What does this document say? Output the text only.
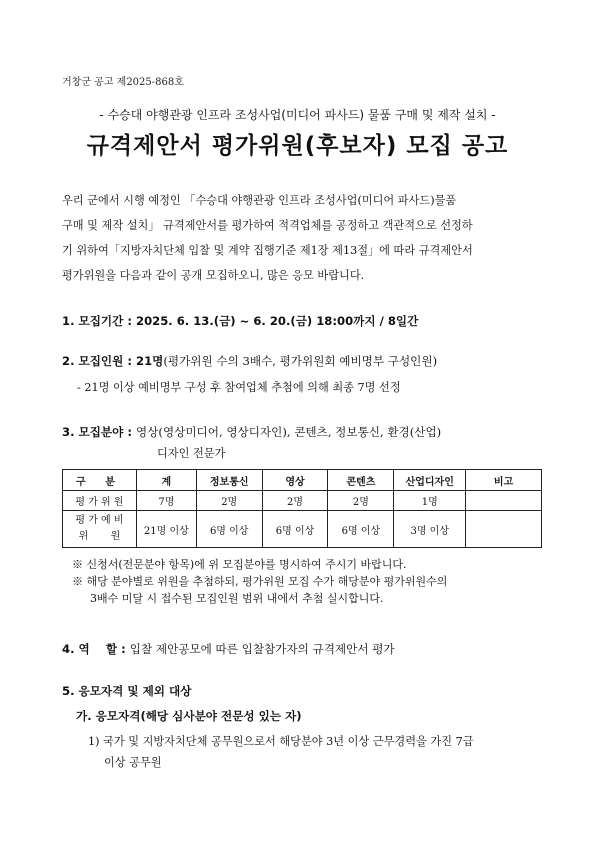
거창군 공고 제2025-868호
- 수승대 야행관광 인프라 조성사업(미디어 파사드) 물품 구매 및 제작 설치 -
규격제안서 평가위원(후보자) 모집 공고
우리 군에서 시행 예정인 「수승대 야행관광 인프라 조성사업(미디어 파사드)물품
구매 및 제작 설치」 규격제안서를 평가하여 적격업체를 공정하고 객관적으로 선정하
기 위하여「지방자치단체 입찰 및 계약 집행기준 제1장 제13절」에 따라 규격제안서
평가위원을 다음과 같이 공개 모집하오니, 많은 응모 바랍니다.
1. 모집기간 : 2025. 6. 13.(금) ~ 6. 20.(금) 18:00까지 / 8일간
2. 모집인원 : 21명(평가위원 수의 3배수, 평가위원회 예비명부 구성인원)
- 21명 이상 예비명부 구성 후 참여업체 추첨에 의해 최종 7명 선정
3. 모집분야 : 영상(영상미디어, 영상디자인), 콘텐츠, 정보통신, 환경(산업)
디자인 전문가
구 분	계	정보통신	영상	콘텐츠	산업디자인	비고
평 가 위 원	7명	2명	2명	2명	1명	
평 가 예 비
위       원	21명 이상	6명 이상	6명 이상	6명 이상	3명 이상	
※ 신청서(전문분야 항목)에 위 모집분야를 명시하여 주시기 바랍니다.
※ 해당 분야별로 위원을 추첨하되, 평가위원 모집 수가 해당분야 평가위원수의
3배수 미달 시 접수된 모집인원 범위 내에서 추첨 실시합니다.
4. 역    할 : 입찰 제안공모에 따른 입찰참가자의 규격제안서 평가
5. 응모자격 및 제외 대상
가. 응모자격(해당 심사분야 전문성 있는 자)
1) 국가 및 지방자치단체 공무원으로서 해당분야 3년 이상 근무경력을 가진 7급
이상 공무원
